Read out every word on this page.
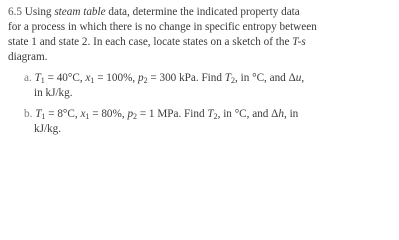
6.5 Using steam table data, determine the indicated property data
for a process in which there is no change in specific entropy between
state 1 and state 2. In each case, locate states on a sketch of the T-s
diagram.
a. T1 = 40°C, x1 = 100%, p2 = 300 kPa. Find T2, in °C, and Δu,
in kJ/kg.
b. T1 = 8°C, x1 = 80%, p2 = 1 MPa. Find T2, in °C, and Δh, in
kJ/kg.
